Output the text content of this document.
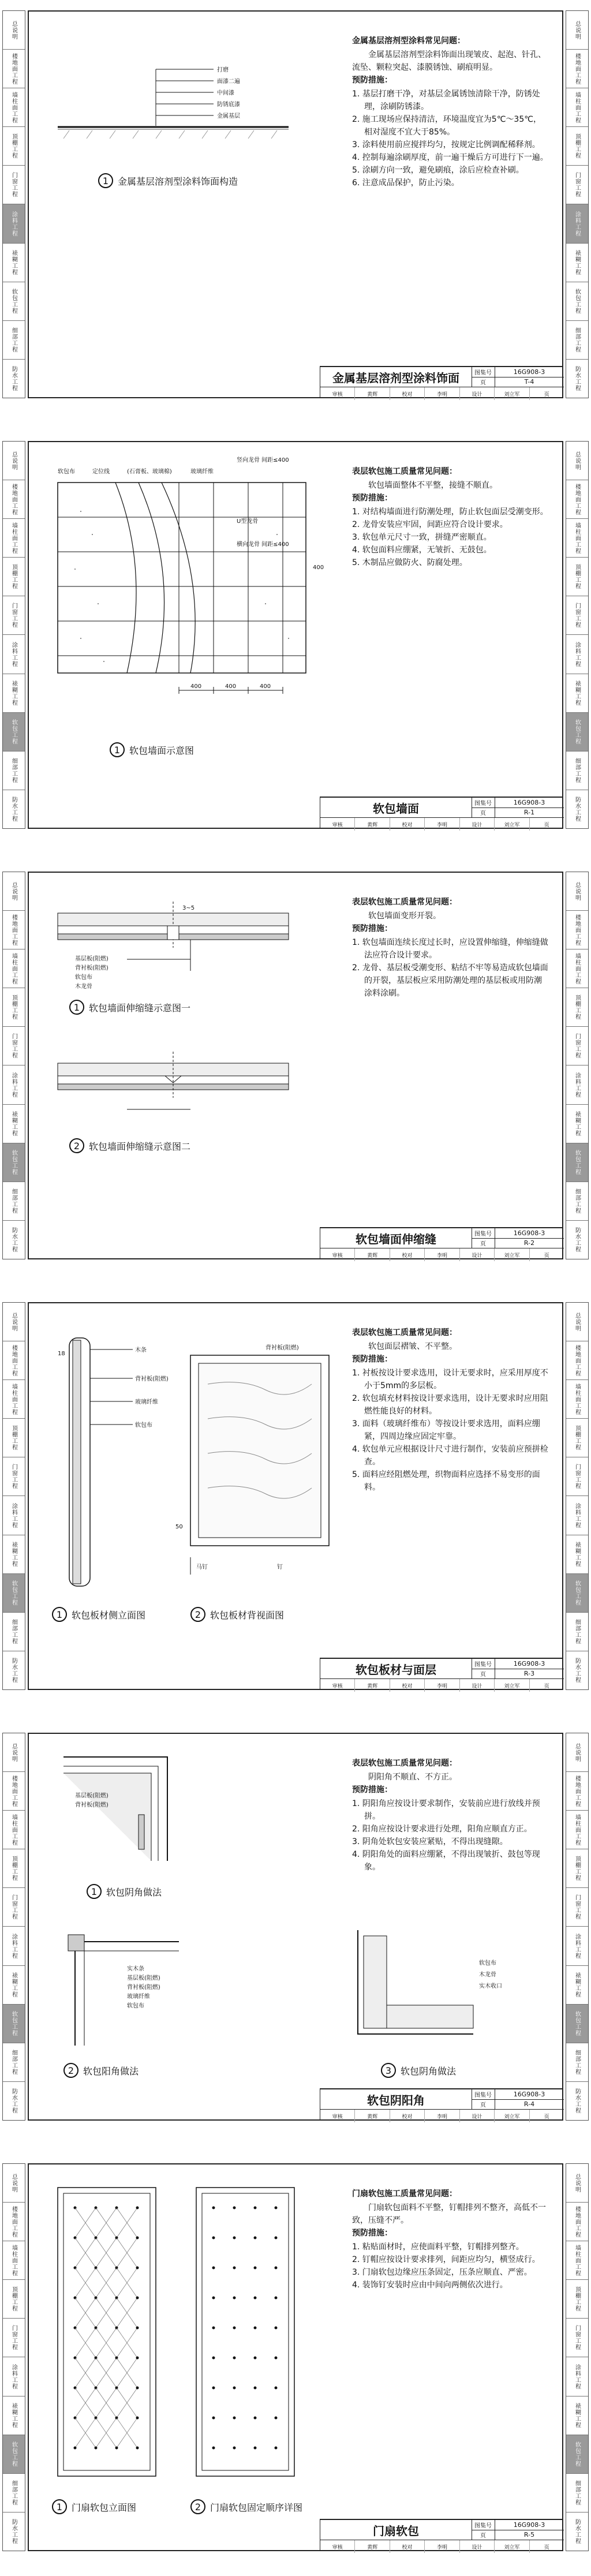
总说明
楼地面工程
墙柱面工程
顶棚工程
门窗工程
涂料工程
裱糊工程
软包工程
细部工程
防水工程
总说明
楼地面工程
墙柱面工程
顶棚工程
门窗工程
涂料工程
裱糊工程
软包工程
细部工程
防水工程
打磨
面漆二遍
中间漆
防锈底漆
金属基层
1 金属基层溶剂型涂料饰面构造
金属基层溶剂型涂料常见问题：
金属基层溶剂型涂料饰面出现皱皮、起泡、针孔、流坠、颗粒突起、漆膜锈蚀、刷痕明显。
预防措施：
1. 基层打磨干净，对基层金属锈蚀清除干净，防锈处理，涂刷防锈漆。
2. 施工现场应保持清洁，环境温度宜为5℃～35℃，相对湿度不宜大于85%。
3. 涂料使用前应搅拌均匀，按规定比例调配稀释剂。
4. 控制每遍涂刷厚度，前一遍干燥后方可进行下一遍。
5. 涂刷方向一致，避免刷痕，涂后应检查补刷。
6. 注意成品保护，防止污染。
金属基层溶剂型涂料饰面	图集号	16G908-3
页	T-4
审核	黄辉	校对	李明	设计	刘立军	页
总说明
楼地面工程
墙柱面工程
顶棚工程
门窗工程
涂料工程
裱糊工程
软包工程
细部工程
防水工程
总说明
楼地面工程
墙柱面工程
顶棚工程
门窗工程
涂料工程
裱糊工程
软包工程
细部工程
防水工程
400	400	400
400
软包布	定位线	(石膏板、玻璃棉)	玻璃纤维
竖向龙骨 间距≤400
U型龙骨
横向龙骨 间距≤400
1 软包墙面示意图
表层软包施工质量常见问题：
软包墙面整体不平整，接缝不顺直。
预防措施：
1. 对结构墙面进行防潮处理，防止软包面层受潮变形。
2. 龙骨安装应牢固，间距应符合设计要求。
3. 软包单元尺寸一致，拼缝严密顺直。
4. 软包面料应绷紧，无皱折、无鼓包。
5. 木制品应做防火、防腐处理。
软包墙面	图集号	16G908-3
页	R-1
审核	黄辉	校对	李明	设计	刘立军	页
总说明
楼地面工程
墙柱面工程
顶棚工程
门窗工程
涂料工程
裱糊工程
软包工程
细部工程
防水工程
总说明
楼地面工程
墙柱面工程
顶棚工程
门窗工程
涂料工程
裱糊工程
软包工程
细部工程
防水工程
基层板(阻燃)
背衬板(阻燃)
软包布
木龙骨
3~5
1 软包墙面伸缩缝示意图一
2 软包墙面伸缩缝示意图二
表层软包施工质量常见问题：
软包墙面变形开裂。
预防措施：
1. 软包墙面连续长度过长时，应设置伸缩缝，伸缩缝做法应符合设计要求。
2. 龙骨、基层板受潮变形、粘结不牢等易造成软包墙面的开裂，基层板应采用防潮处理的基层板或用防潮涂料涂刷。
软包墙面伸缩缝	图集号	16G908-3
页	R-2
审核	黄辉	校对	李明	设计	刘立军	页
总说明
楼地面工程
墙柱面工程
顶棚工程
门窗工程
涂料工程
裱糊工程
软包工程
细部工程
防水工程
总说明
楼地面工程
墙柱面工程
顶棚工程
门窗工程
涂料工程
裱糊工程
软包工程
细部工程
防水工程
18
木条
背衬板(阻燃)
玻璃纤维
软包布
1 软包板材侧立面图
背衬板(阻燃)
马钉
50
钉
2 软包板材背视面图
表层软包施工质量常见问题：
软包面层褶皱、不平整。
预防措施：
1. 衬板按设计要求选用，设计无要求时，应采用厚度不小于5mm的多层板。
2. 软包填充材料按设计要求选用，设计无要求时应用阻燃性能良好的材料。
3. 面料（玻璃纤维布）等按设计要求选用，面料应绷紧，四周边缘应固定牢靠。
4. 软包单元应根据设计尺寸进行制作，安装前应预拼检查。
5. 面料应经阻燃处理，织物面料应选择不易变形的面料。
软包板材与面层	图集号	16G908-3
页	R-3
审核	黄辉	校对	李明	设计	刘立军	页
总说明
楼地面工程
墙柱面工程
顶棚工程
门窗工程
涂料工程
裱糊工程
软包工程
细部工程
防水工程
总说明
楼地面工程
墙柱面工程
顶棚工程
门窗工程
涂料工程
裱糊工程
软包工程
细部工程
防水工程
基层板(阻燃)
背衬板(阻燃)
1 软包阴角做法
实木条
基层板(阻燃)
背衬板(阻燃)
玻璃纤维
软包布
2 软包阳角做法
软包布
木龙骨
实木收口
3 软包阴角做法
表层软包施工质量常见问题：
阴阳角不顺直、不方正。
预防措施：
1. 阴阳角应按设计要求制作，安装前应进行放线并预拼。
2. 阳角应按设计要求进行处理，阳角应顺直方正。
3. 阴角处软包安装应紧贴，不得出现缝隙。
4. 阴阳角处的面料应绷紧，不得出现皱折、鼓包等现象。
软包阴阳角	图集号	16G908-3
页	R-4
审核	黄辉	校对	李明	设计	刘立军	页
总说明
楼地面工程
墙柱面工程
顶棚工程
门窗工程
涂料工程
裱糊工程
软包工程
细部工程
防水工程
总说明
楼地面工程
墙柱面工程
顶棚工程
门窗工程
涂料工程
裱糊工程
软包工程
细部工程
防水工程
1 门扇软包立面图	2 门扇软包固定顺序详图
门扇软包施工质量常见问题：
门扇软包面料不平整，钉帽排列不整齐，高低不一致，压缝不严。
预防措施：
1. 粘贴面材时，应使面料平整，钉帽排列整齐。
2. 钉帽应按设计要求排列，间距应均匀，横竖成行。
3. 门扇软包边缘应压条固定，压条应顺直、严密。
4. 装饰钉安装时应由中间向两侧依次进行。
门扇软包	图集号	16G908-3
页	R-5
审核	黄辉	校对	李明	设计	刘立军	页
